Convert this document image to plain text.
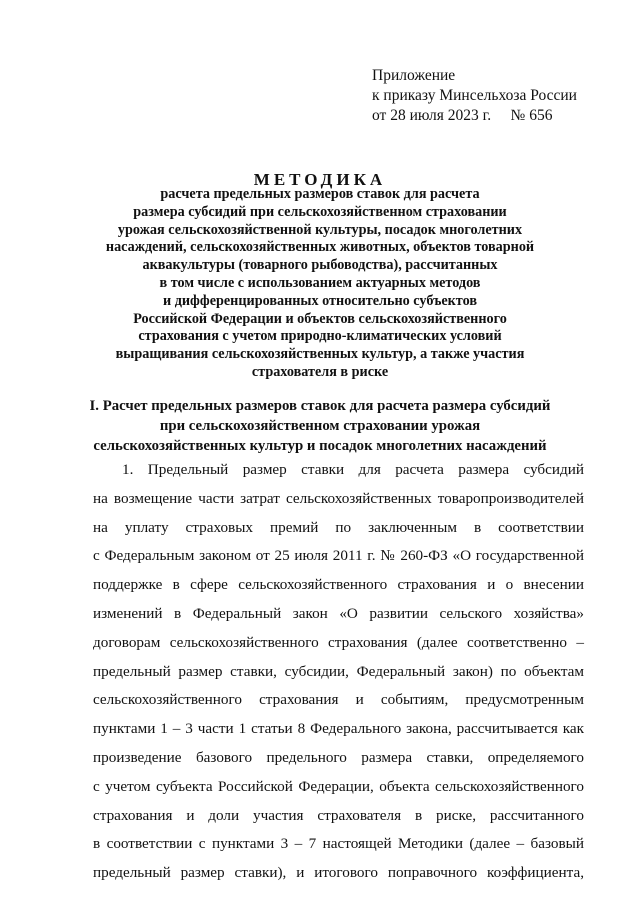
Приложение
к приказу Минсельхоза России
от 28 июля 2023 г.     № 656
МЕТОДИКА
расчета предельных размеров ставок для расчета
размера субсидий при сельскохозяйственном страховании
урожая сельскохозяйственной культуры, посадок многолетних
насаждений, сельскохозяйственных животных, объектов товарной
аквакультуры (товарного рыбоводства), рассчитанных
в том числе с использованием актуарных методов
и дифференцированных относительно субъектов
Российской Федерации и объектов сельскохозяйственного
страхования с учетом природно-климатических условий
выращивания сельскохозяйственных культур, а также участия
страхователя в риске
I. Расчет предельных размеров ставок для расчета размера субсидий
при сельскохозяйственном страховании урожая
сельскохозяйственных культур и посадок многолетних насаждений
1. Предельный размер ставки для расчета размера субсидий
на возмещение части затрат сельскохозяйственных товаропроизводителей
на уплату страховых премий по заключенным в соответствии
с Федеральным законом от 25 июля 2011 г. № 260-ФЗ «О государственной
поддержке в сфере сельскохозяйственного страхования и о внесении
изменений в Федеральный закон «О развитии сельского хозяйства»
договорам сельскохозяйственного страхования (далее соответственно –
предельный размер ставки, субсидии, Федеральный закон) по объектам
сельскохозяйственного страхования и событиям, предусмотренным
пунктами 1 – 3 части 1 статьи 8 Федерального закона, рассчитывается как
произведение базового предельного размера ставки, определяемого
с учетом субъекта Российской Федерации, объекта сельскохозяйственного
страхования и доли участия страхователя в риске, рассчитанного
в соответствии с пунктами 3 – 7 настоящей Методики (далее – базовый
предельный размер ставки), и итогового поправочного коэффициента,
